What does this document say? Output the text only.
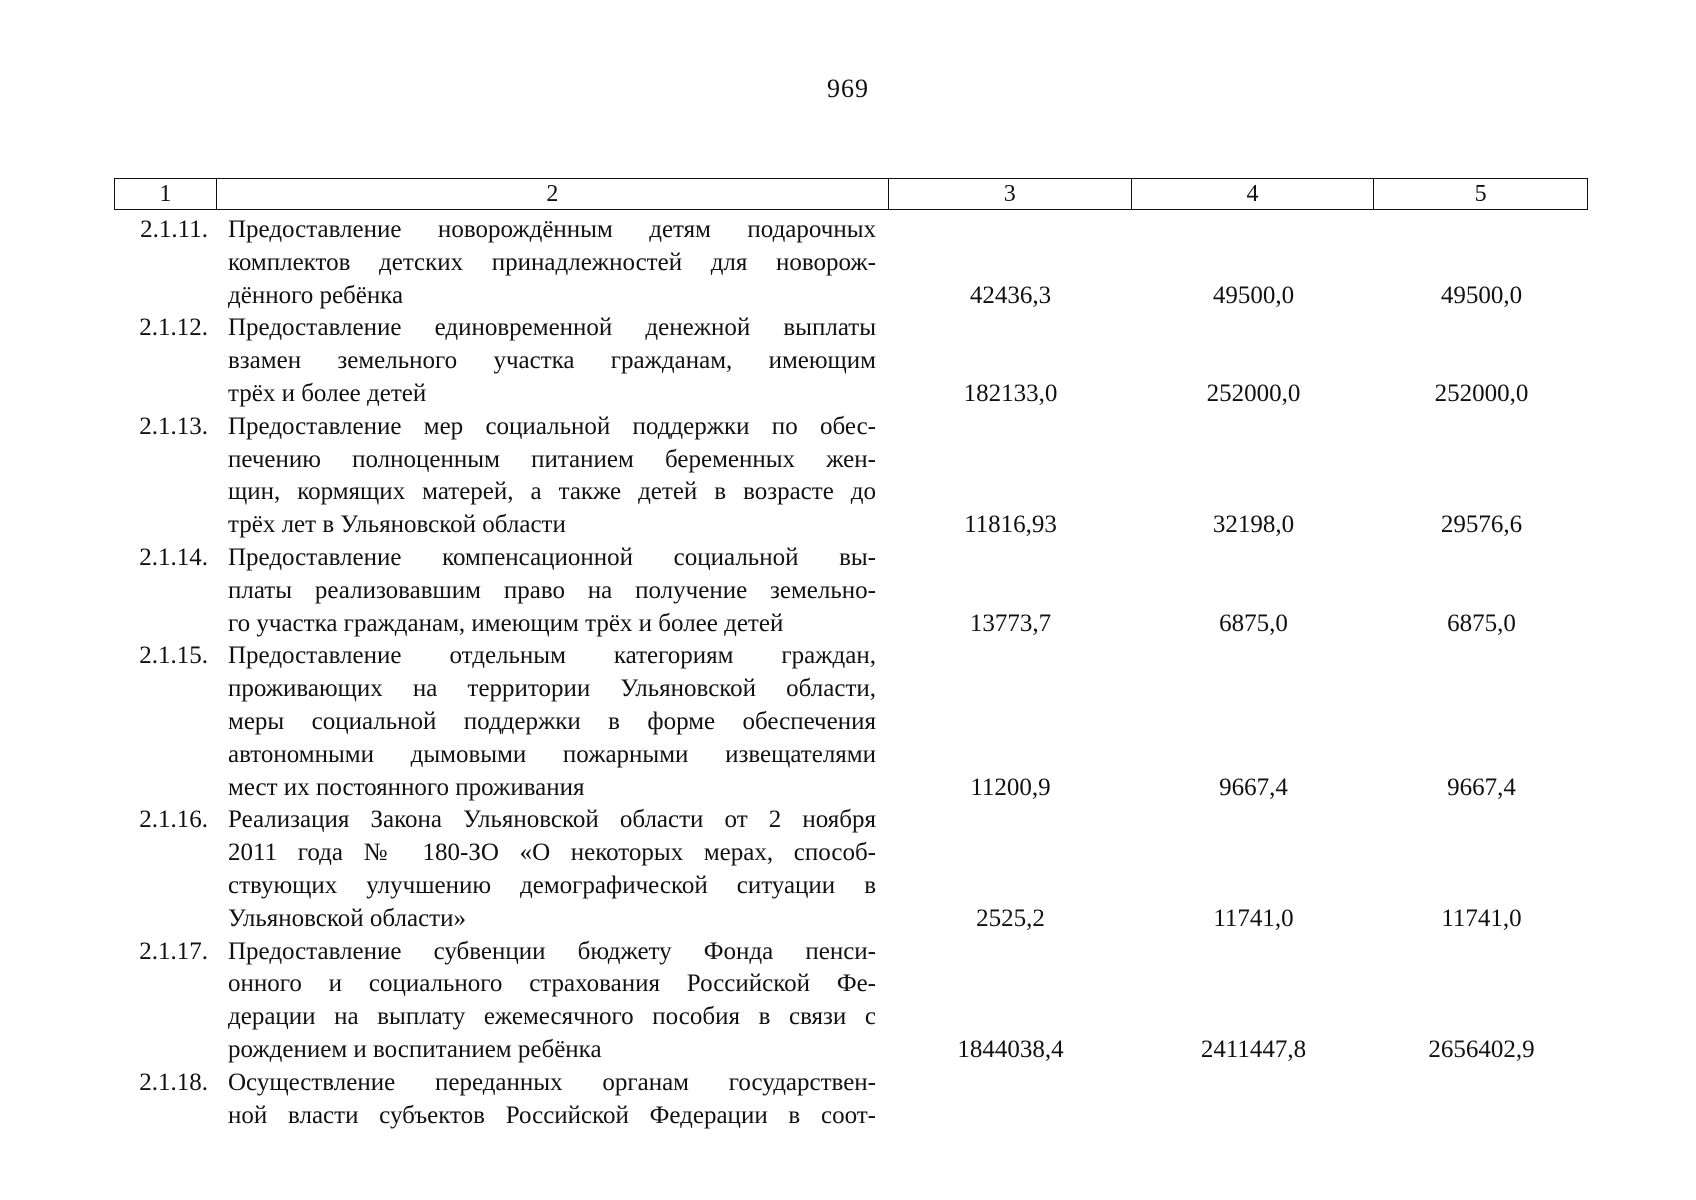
969
1	2	3	4	5
2.1.11. Предоставление новорождённым детям подарочных
комплектов детских принадлежностей для новорож-
дённого ребёнка	42436,3	49500,0	49500,0
2.1.12. Предоставление единовременной денежной выплаты
взамен земельного участка гражданам, имеющим
трёх и более детей	182133,0	252000,0	252000,0
2.1.13. Предоставление мер социальной поддержки по обес-
печению полноценным питанием беременных жен-
щин, кормящих матерей, а также детей в возрасте до
трёх лет в Ульяновской области	11816,93	32198,0	29576,6
2.1.14. Предоставление компенсационной социальной вы-
платы реализовавшим право на получение земельно-
го участка гражданам, имеющим трёх и более детей	13773,7	6875,0	6875,0
2.1.15. Предоставление отдельным категориям граждан,
проживающих на территории Ульяновской области,
меры социальной поддержки в форме обеспечения
автономными дымовыми пожарными извещателями
мест их постоянного проживания	11200,9	9667,4	9667,4
2.1.16. Реализация Закона Ульяновской области от 2 ноября
2011 года № 180-ЗО «О некоторых мерах, способ-
ствующих улучшению демографической ситуации в
Ульяновской области»	2525,2	11741,0	11741,0
2.1.17. Предоставление субвенции бюджету Фонда пенси-
онного и социального страхования Российской Фе-
дерации на выплату ежемесячного пособия в связи с
рождением и воспитанием ребёнка	1844038,4	2411447,8	2656402,9
2.1.18. Осуществление переданных органам государствен-
ной власти субъектов Российской Федерации в соот-
